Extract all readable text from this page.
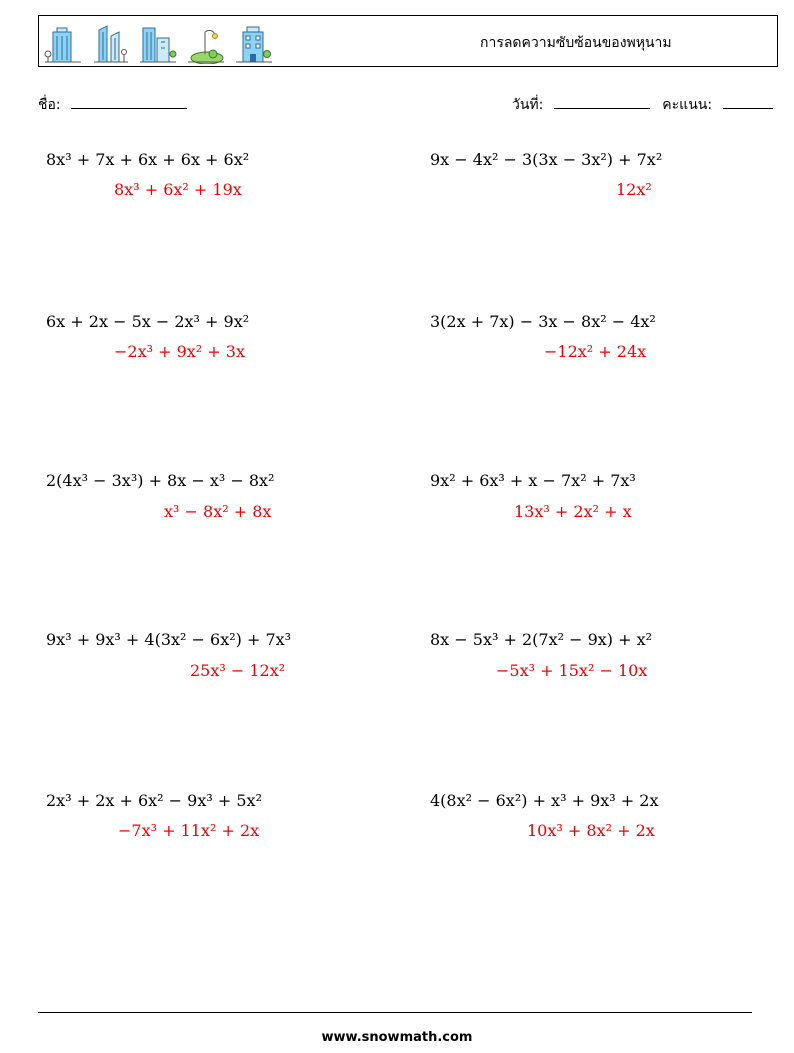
การลดความซับซ้อนของพหุนาม
ชื่อ:	วันที่:	คะแนน:
8x³ + 7x + 6x + 6x + 6x²
8x³ + 6x² + 19x
6x + 2x − 5x − 2x³ + 9x²
−2x³ + 9x² + 3x
2(4x³ − 3x³) + 8x − x³ − 8x²
x³ − 8x² + 8x
9x³ + 9x³ + 4(3x² − 6x²) + 7x³
25x³ − 12x²
2x³ + 2x + 6x² − 9x³ + 5x²
−7x³ + 11x² + 2x
9x − 4x² − 3(3x − 3x²) + 7x²
12x²
3(2x + 7x) − 3x − 8x² − 4x²
−12x² + 24x
9x² + 6x³ + x − 7x² + 7x³
13x³ + 2x² + x
8x − 5x³ + 2(7x² − 9x) + x²
−5x³ + 15x² − 10x
4(8x² − 6x²) + x³ + 9x³ + 2x
10x³ + 8x² + 2x
www.snowmath.com
